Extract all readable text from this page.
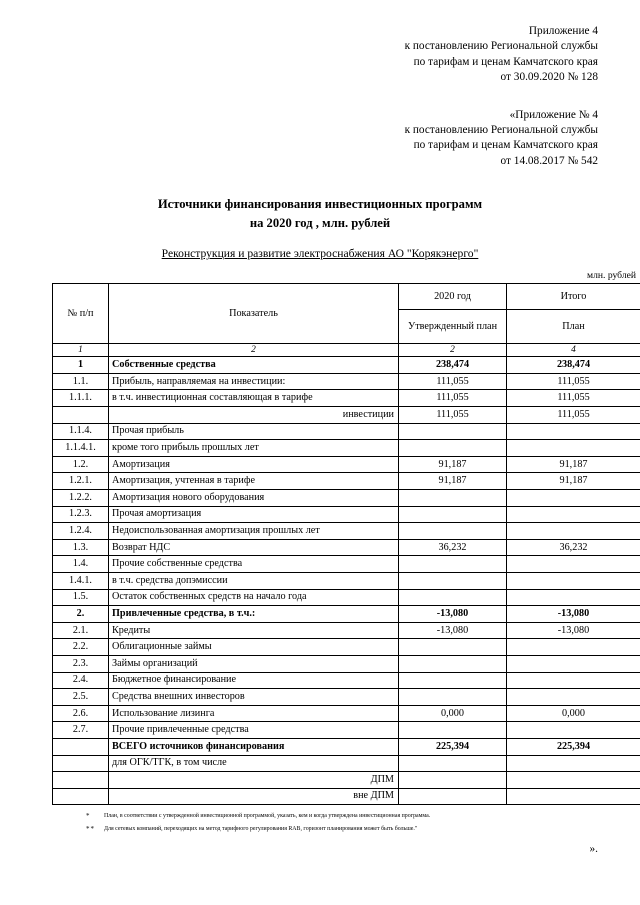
Приложение 4
к постановлению Региональной службы
по тарифам и ценам Камчатского края
от 30.09.2020 № 128
«Приложение № 4
к постановлению Региональной службы
по тарифам и ценам Камчатского края
от 14.08.2017 № 542
Источники финансирования инвестиционных программ
на 2020 год , млн. рублей
Реконструкция и развитие электроснабжения АО "Корякэнерго"
млн. рублей
№ п/п	Показатель	2020 год	Итого
		Утвержденный план	План
1	2	2	4
1	Собственные средства	238,474	238,474
1.1.	Прибыль, направляемая на инвестиции:	111,055	111,055
1.1.1.	в т.ч. инвестиционная составляющая в тарифе	111,055	111,055
	инвестиции	111,055	111,055
1.1.4.	Прочая прибыль		
1.1.4.1.	кроме того прибыль прошлых лет		
1.2.	Амортизация	91,187	91,187
1.2.1.	Амортизация, учтенная в тарифе	91,187	91,187
1.2.2.	Амортизация нового оборудования		
1.2.3.	Прочая амортизация		
1.2.4.	Недоиспользованная амортизация прошлых лет		
1.3.	Возврат НДС	36,232	36,232
1.4.	Прочие собственные средства		
1.4.1.	в т.ч. средства допэмиссии		
1.5.	Остаток собственных средств на начало года		
2.	Привлеченные средства, в т.ч.:	-13,080	-13,080
2.1.	Кредиты	-13,080	-13,080
2.2.	Облигационные займы		
2.3.	Займы организаций		
2.4.	Бюджетное финансирование		
2.5.	Средства внешних инвесторов		
2.6.	Использование лизинга	0,000	0,000
2.7.	Прочие привлеченные средства		
	ВСЕГО источников финансирования	225,394	225,394
	для ОГК/ТГК, в том числе		
	ДПМ		
	вне ДПМ		
*	План, в соответствии с утвержденной инвестиционной программой, указать, кем и когда утверждена инвестиционная программа.
**	Для сетевых компаний, переходящих на метод тарифного регулирования RAB, горизонт планирования может быть больше."
».
